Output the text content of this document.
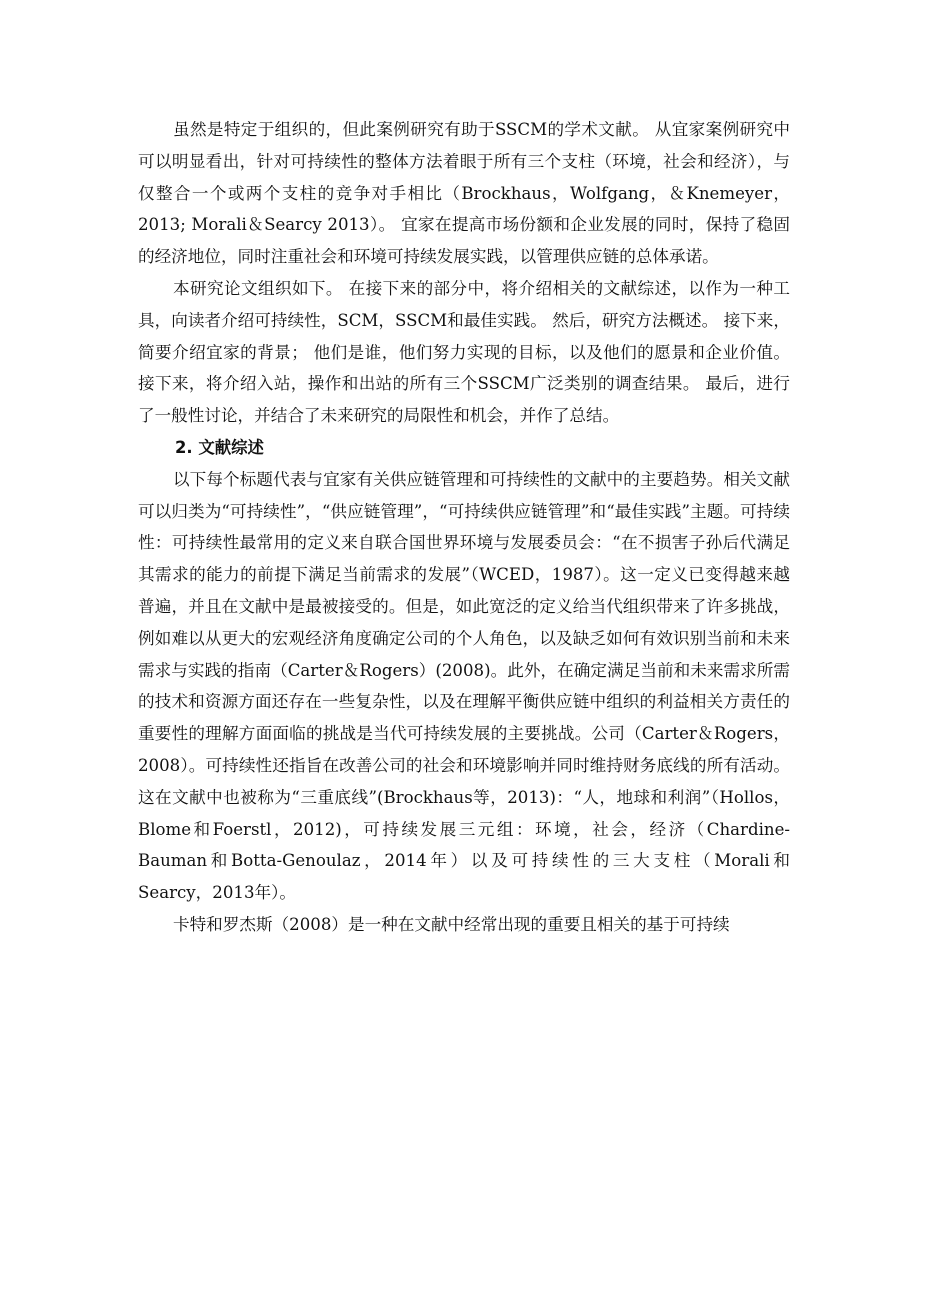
虽然是特定于组织的，但此案例研究有助于SSCM的学术文献。 从宜家案例研究中可以明显看出，针对可持续性的整体方法着眼于所有三个支柱（环境，社会和经济），与仅整合一个或两个支柱的竞争对手相比（Brockhaus，Wolfgang，＆Knemeyer，2013; Morali＆Searcy 2013）。 宜家在提高市场份额和企业发展的同时，保持了稳固的经济地位，同时注重社会和环境可持续发展实践，以管理供应链的总体承诺。

本研究论文组织如下。 在接下来的部分中，将介绍相关的文献综述，以作为一种工具，向读者介绍可持续性，SCM，SSCM和最佳实践。 然后，研究方法概述。 接下来，简要介绍宜家的背景； 他们是谁，他们努力实现的目标，以及他们的愿景和企业价值。 接下来，将介绍入站，操作和出站的所有三个SSCM广泛类别的调查结果。 最后，进行了一般性讨论，并结合了未来研究的局限性和机会，并作了总结。

2. 文献综述

以下每个标题代表与宜家有关供应链管理和可持续性的文献中的主要趋势。相关文献可以归类为“可持续性”，“供应链管理”，“可持续供应链管理”和“最佳实践”主题。可持续性：可持续性最常用的定义来自联合国世界环境与发展委员会：“在不损害子孙后代满足其需求的能力的前提下满足当前需求的发展”（WCED，1987）。这一定义已变得越来越普遍，并且在文献中是最被接受的。但是，如此宽泛的定义给当代组织带来了许多挑战，例如难以从更大的宏观经济角度确定公司的个人角色，以及缺乏如何有效识别当前和未来需求与实践的指南（Carter＆Rogers）(2008)。此外，在确定满足当前和未来需求所需的技术和资源方面还存在一些复杂性，以及在理解平衡供应链中组织的利益相关方责任的重要性的理解方面面临的挑战是当代可持续发展的主要挑战。公司（Carter＆Rogers，2008）。可持续性还指旨在改善公司的社会和环境影响并同时维持财务底线的所有活动。这在文献中也被称为“三重底线”(Brockhaus等，2013)：“人，地球和利润”（Hollos，Blome和Foerstl，2012)，可持续发展三元组：环境，社会，经济（Chardine-Bauman和Botta-Genoulaz，2014年）以及可持续性的三大支柱（Morali和Searcy，2013年）。

卡特和罗杰斯（2008）是一种在文献中经常出现的重要且相关的基于可持续
